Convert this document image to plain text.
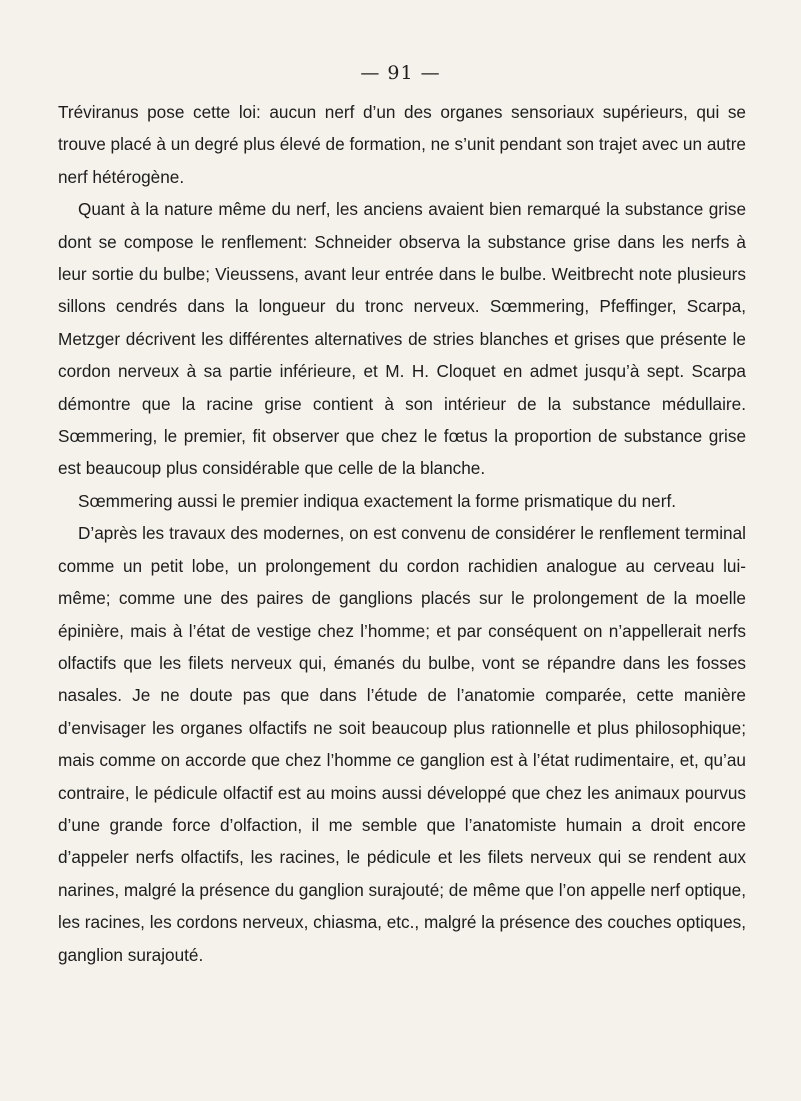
— 91 —

Tréviranus pose cette loi: aucun nerf d’un des organes sensoriaux supérieurs, qui se trouve placé à un degré plus élevé de formation, ne s’unit pendant son trajet avec un autre nerf hétérogène.

Quant à la nature même du nerf, les anciens avaient bien remarqué la substance grise dont se compose le renflement: Schneider observa la substance grise dans les nerfs à leur sortie du bulbe; Vieussens, avant leur entrée dans le bulbe. Weitbrecht note plusieurs sillons cendrés dans la longueur du tronc nerveux. Sœmmering, Pfeffinger, Scarpa, Metzger décrivent les différentes alternatives de stries blanches et grises que présente le cordon nerveux à sa partie inférieure, et M. H. Cloquet en admet jusqu’à sept. Scarpa démontre que la racine grise contient à son intérieur de la substance médullaire. Sœmmering, le premier, fit observer que chez le fœtus la proportion de substance grise est beaucoup plus considérable que celle de la blanche.

Sœmmering aussi le premier indiqua exactement la forme prismatique du nerf.

D’après les travaux des modernes, on est convenu de considérer le renflement terminal comme un petit lobe, un prolongement du cordon rachidien analogue au cerveau lui-même; comme une des paires de ganglions placés sur le prolongement de la moelle épinière, mais à l’état de vestige chez l’homme; et par conséquent on n’appellerait nerfs olfactifs que les filets nerveux qui, émanés du bulbe, vont se répandre dans les fosses nasales. Je ne doute pas que dans l’étude de l’anatomie comparée, cette manière d’envisager les organes olfactifs ne soit beaucoup plus rationnelle et plus philosophique; mais comme on accorde que chez l’homme ce ganglion est à l’état rudimentaire, et, qu’au contraire, le pédicule olfactif est au moins aussi développé que chez les animaux pourvus d’une grande force d’olfaction, il me semble que l’anatomiste humain a droit encore d’appeler nerfs olfactifs, les racines, le pédicule et les filets nerveux qui se rendent aux narines, malgré la présence du ganglion surajouté; de même que l’on appelle nerf optique, les racines, les cordons nerveux, chiasma, etc., malgré la présence des couches optiques, ganglion surajouté.
